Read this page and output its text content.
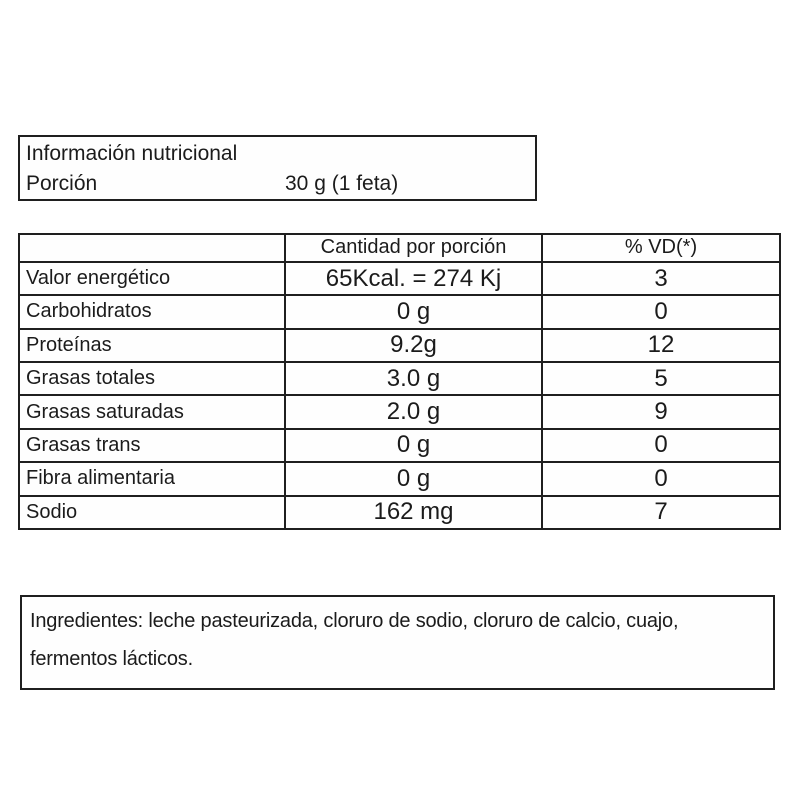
Información nutricional
Porción	30 g (1 feta)
	Cantidad por porción	% VD(*)
Valor energético	65Kcal. = 274 Kj	3
Carbohidratos	0 g	0
Proteínas	9.2g	12
Grasas totales	3.0 g	5
Grasas saturadas	2.0 g	9
Grasas trans	0 g	0
Fibra alimentaria	0 g	0
Sodio	162 mg	7
Ingredientes: leche pasteurizada, cloruro de sodio, cloruro de calcio, cuajo, fermentos lácticos.
